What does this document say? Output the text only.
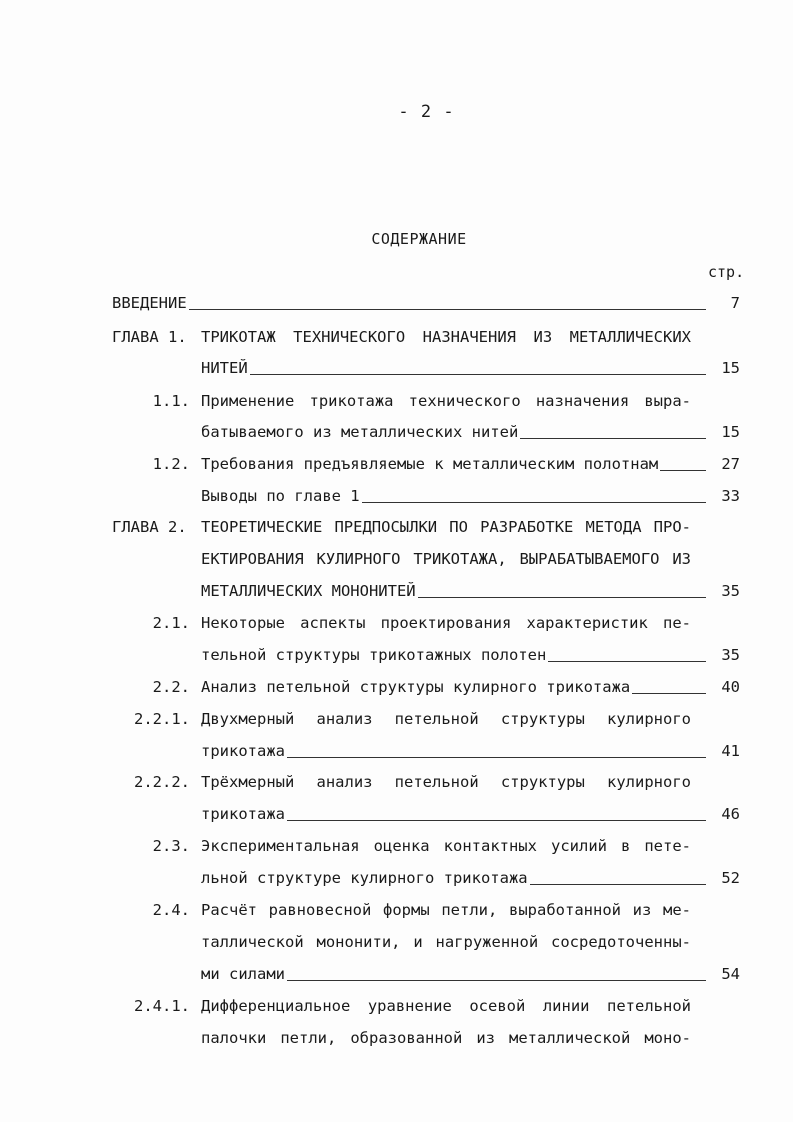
- 2 -
СОДЕРЖАНИЕ
стр.
ВВЕДЕНИЕ	7
ГЛАВА 1. ТРИКОТАЖ ТЕХНИЧЕСКОГО НАЗНАЧЕНИЯ ИЗ МЕТАЛЛИЧЕСКИХ
НИТЕЙ	15
1.1. Применение трикотажа технического назначения выра-
батываемого из металлических нитей	15
1.2. Требования предъявляемые к металлическим полотнам	27
Выводы по главе 1	33
ГЛАВА 2. ТЕОРЕТИЧЕСКИЕ ПРЕДПОСЫЛКИ ПО РАЗРАБОТКЕ МЕТОДА ПРО-
ЕКТИРОВАНИЯ КУЛИРНОГО ТРИКОТАЖА, ВЫРАБАТЫВАЕМОГО ИЗ
МЕТАЛЛИЧЕСКИХ МОНОНИТЕЙ	35
2.1. Некоторые аспекты проектирования характеристик пе-
тельной структуры трикотажных полотен	35
2.2. Анализ петельной структуры кулирного трикотажа	40
2.2.1. Двухмерный анализ петельной структуры кулирного
трикотажа	41
2.2.2. Трёхмерный анализ петельной структуры кулирного
трикотажа	46
2.3. Экспериментальная оценка контактных усилий в пете-
льной структуре кулирного трикотажа	52
2.4. Расчёт равновесной формы петли, выработанной из ме-
таллической мононити, и нагруженной сосредоточенны-
ми силами	54
2.4.1. Дифференциальное уравнение осевой линии петельной
палочки петли, образованной из металлической моно-
